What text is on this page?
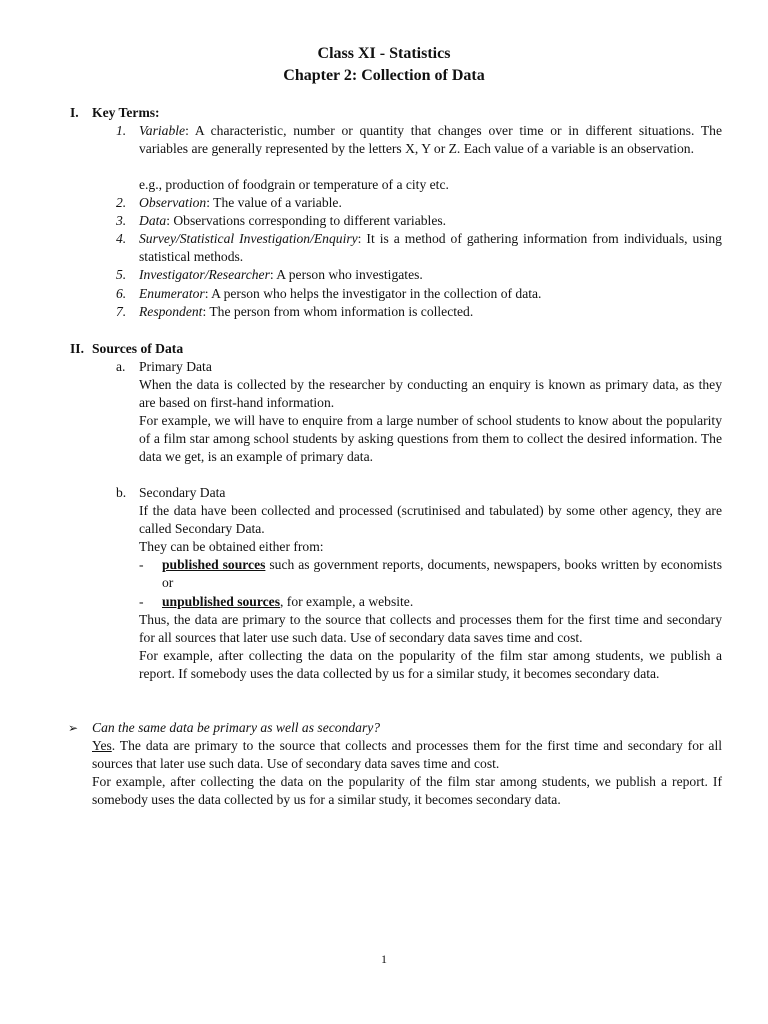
Class XI - Statistics
Chapter 2: Collection of Data
I. Key Terms:
1. Variable: A characteristic, number or quantity that changes over time or in different situations. The variables are generally represented by the letters X, Y or Z. Each value of a variable is an observation.

e.g., production of foodgrain or temperature of a city etc.

2. Observation: The value of a variable.

3. Data: Observations corresponding to different variables.

4. Survey/Statistical Investigation/Enquiry: It is a method of gathering information from individuals, using statistical methods.

5. Investigator/Researcher: A person who investigates.

6. Enumerator: A person who helps the investigator in the collection of data.

7. Respondent: The person from whom information is collected.

II. Sources of Data
a. Primary Data

When the data is collected by the researcher by conducting an enquiry is known as primary data, as they are based on first-hand information.

For example, we will have to enquire from a large number of school students to know about the popularity of a film star among school students by asking questions from them to collect the desired information. The data we get, is an example of primary data.

b. Secondary Data

If the data have been collected and processed (scrutinised and tabulated) by some other agency, they are called Secondary Data.

They can be obtained either from:

-	published sources such as government reports, documents, newspapers, books written by economists or

-	unpublished sources, for example, a website.

Thus, the data are primary to the source that collects and processes them for the first time and secondary for all sources that later use such data. Use of secondary data saves time and cost.

For example, after collecting the data on the popularity of the film star among students, we publish a report. If somebody uses the data collected by us for a similar study, it becomes secondary data.

➢	Can the same data be primary as well as secondary?

Yes. The data are primary to the source that collects and processes them for the first time and secondary for all sources that later use such data. Use of secondary data saves time and cost.

For example, after collecting the data on the popularity of the film star among students, we publish a report. If somebody uses the data collected by us for a similar study, it becomes secondary data.

1
